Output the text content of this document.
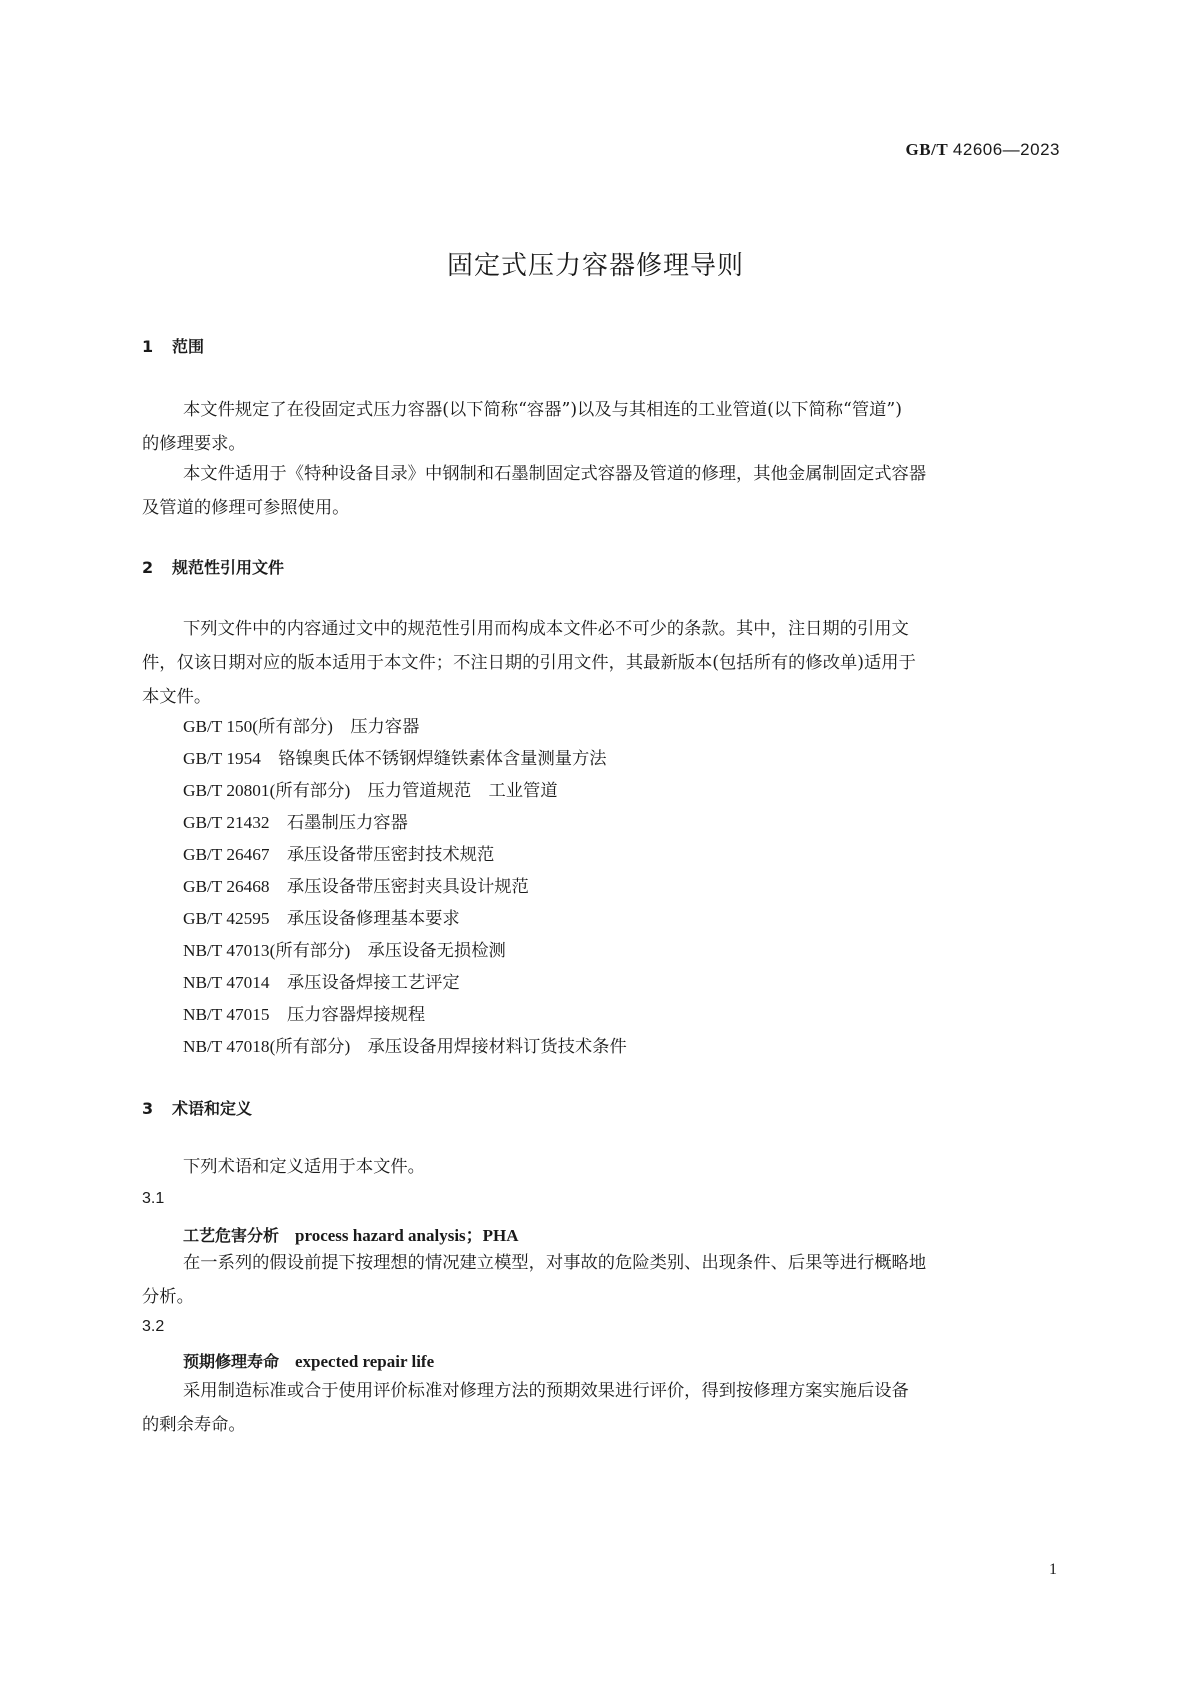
GB/T 42606—2023
固定式压力容器修理导则
1 范围
本文件规定了在役固定式压力容器(以下简称“容器”)以及与其相连的工业管道(以下简称“管道”)
的修理要求。
本文件适用于《特种设备目录》中钢制和石墨制固定式容器及管道的修理，其他金属制固定式容器
及管道的修理可参照使用。
2 规范性引用文件
下列文件中的内容通过文中的规范性引用而构成本文件必不可少的条款。其中，注日期的引用文
件，仅该日期对应的版本适用于本文件；不注日期的引用文件，其最新版本(包括所有的修改单)适用于
本文件。
GB/T 150(所有部分)　 压力容器
GB/T 1954　 铬镍奥氏体不锈钢焊缝铁素体含量测量方法
GB/T 20801(所有部分)　 压力管道规范　工业管道
GB/T 21432　 石墨制压力容器
GB/T 26467　 承压设备带压密封技术规范
GB/T 26468　 承压设备带压密封夹具设计规范
GB/T 42595　 承压设备修理基本要求
NB/T 47013(所有部分)　 承压设备无损检测
NB/T 47014　 承压设备焊接工艺评定
NB/T 47015　 压力容器焊接规程
NB/T 47018(所有部分)　 承压设备用焊接材料订货技术条件
3 术语和定义
下列术语和定义适用于本文件。
3.1
工艺危害分析 process hazard analysis；PHA
在一系列的假设前提下按理想的情况建立模型，对事故的危险类别、出现条件、后果等进行概略地
分析。
3.2
预期修理寿命 expected repair life
采用制造标准或合于使用评价标准对修理方法的预期效果进行评价，得到按修理方案实施后设备
的剩余寿命。
1
